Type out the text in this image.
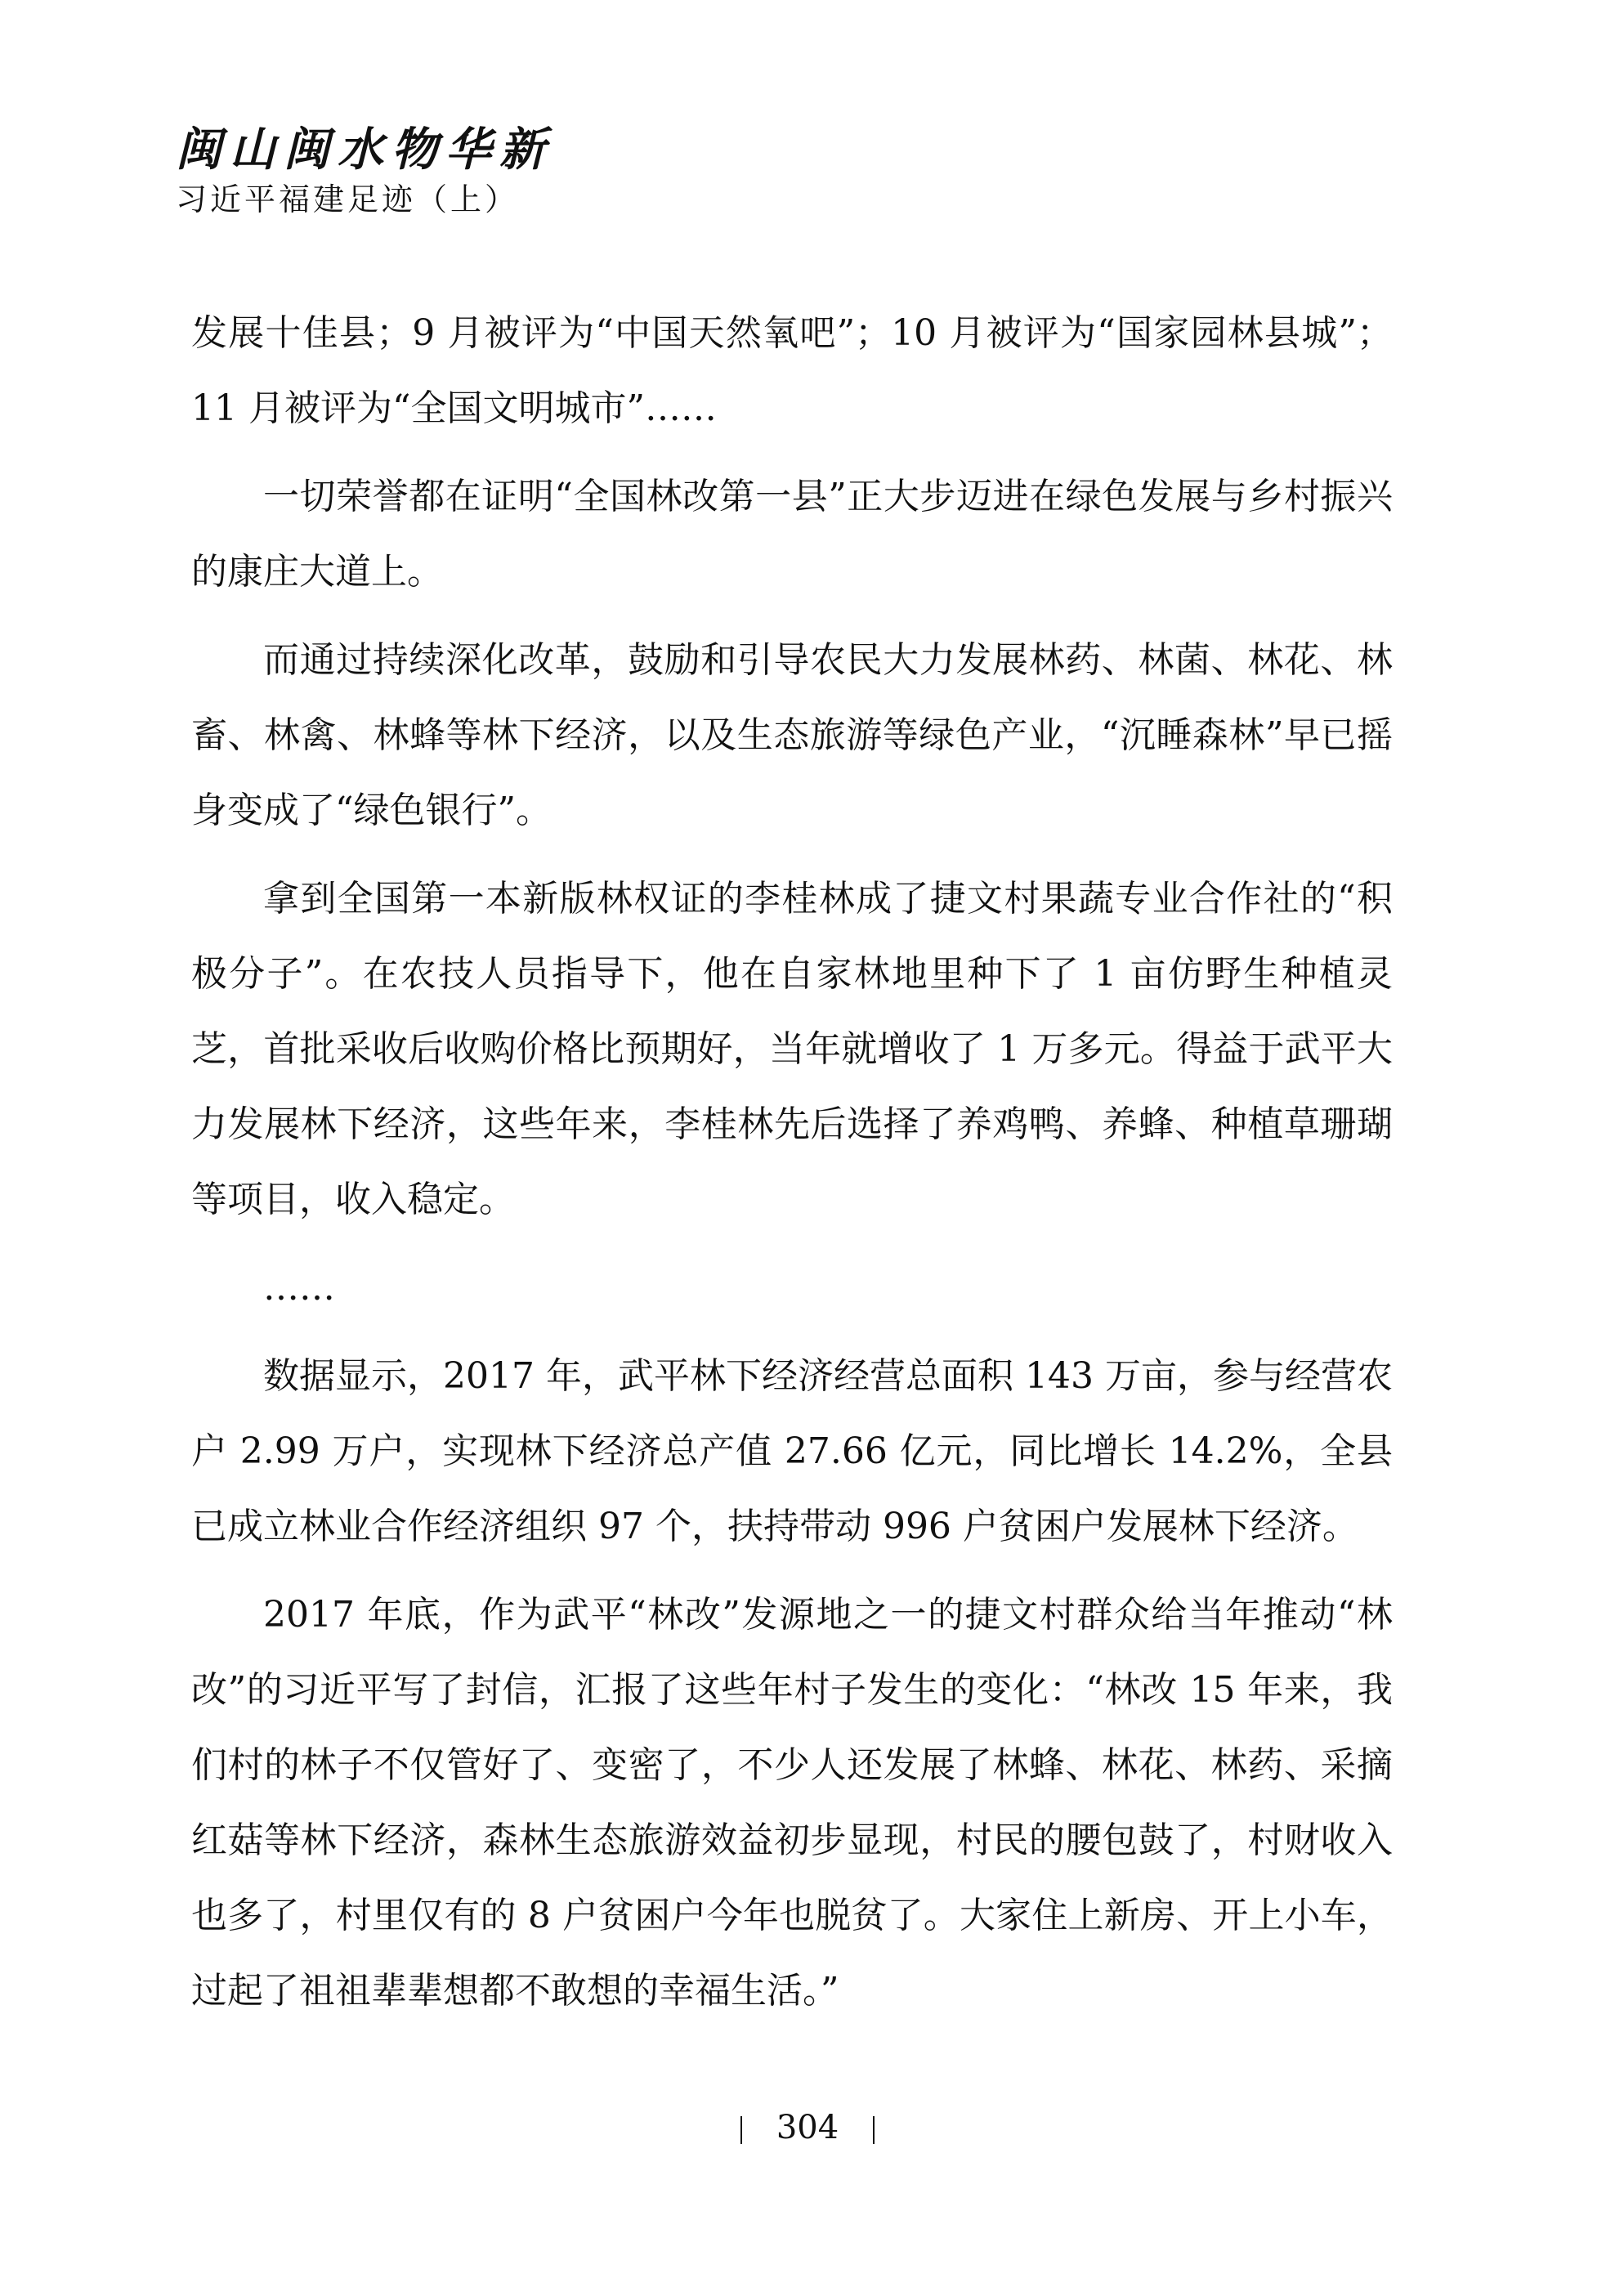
闽山闽水物华新
习近平福建足迹（上）

发展十佳县；9 月被评为“中国天然氧吧”；10 月被评为“国家园林县城”；11 月被评为“全国文明城市”……

一切荣誉都在证明“全国林改第一县”正大步迈进在绿色发展与乡村振兴的康庄大道上。

而通过持续深化改革，鼓励和引导农民大力发展林药、林菌、林花、林畜、林禽、林蜂等林下经济，以及生态旅游等绿色产业，“沉睡森林”早已摇身变成了“绿色银行”。

拿到全国第一本新版林权证的李桂林成了捷文村果蔬专业合作社的“积极分子”。在农技人员指导下，他在自家林地里种下了 1 亩仿野生种植灵芝，首批采收后收购价格比预期好，当年就增收了 1 万多元。得益于武平大力发展林下经济，这些年来，李桂林先后选择了养鸡鸭、养蜂、种植草珊瑚等项目，收入稳定。

……

数据显示，2017 年，武平林下经济经营总面积 143 万亩，参与经营农户 2.99 万户，实现林下经济总产值 27.66 亿元，同比增长 14.2%，全县已成立林业合作经济组织 97 个，扶持带动 996 户贫困户发展林下经济。

2017 年底，作为武平“林改”发源地之一的捷文村群众给当年推动“林改”的习近平写了封信，汇报了这些年村子发生的变化：“林改 15 年来，我们村的林子不仅管好了、变密了，不少人还发展了林蜂、林花、林药、采摘红菇等林下经济，森林生态旅游效益初步显现，村民的腰包鼓了，村财收入也多了，村里仅有的 8 户贫困户今年也脱贫了。大家住上新房、开上小车，过起了祖祖辈辈想都不敢想的幸福生活。”

304
